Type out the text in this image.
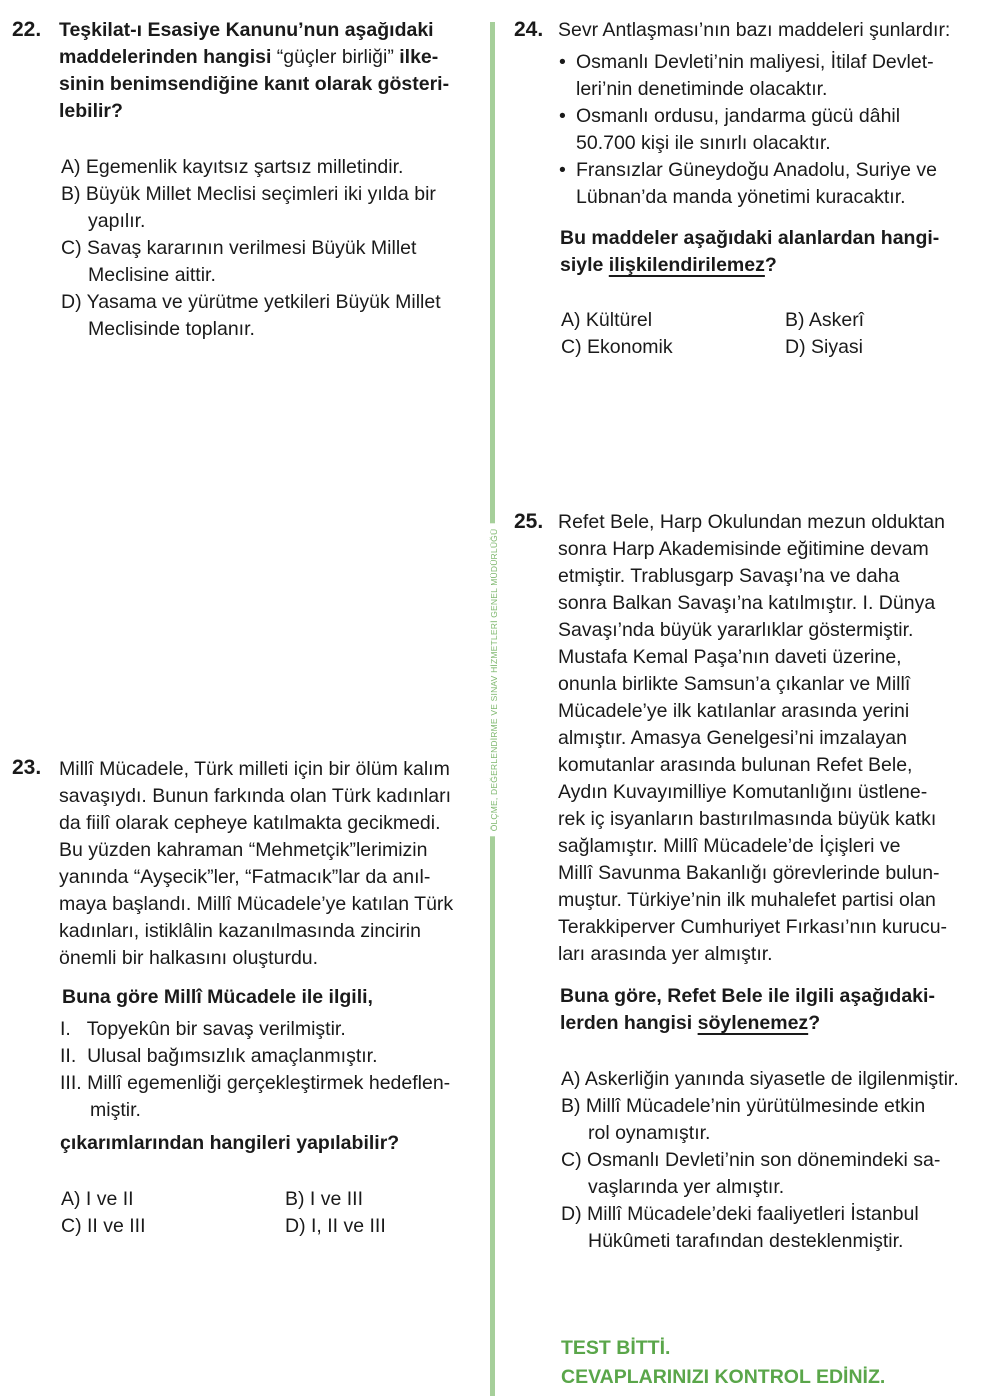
ÖLÇME, DEĞERLENDİRME VE SINAV HİZMETLERİ GENEL MÜDÜRLÜĞÜ
22. Teşkilat-ı Esasiye Kanunu’nun aşağıdaki
maddelerinden hangisi “güçler birliği” ilke-
sinin benimsendiğine kanıt olarak gösteri-
lebilir?
A) Egemenlik kayıtsız şartsız milletindir.
B) Büyük Millet Meclisi seçimleri iki yılda bir
yapılır.
C) Savaş kararının verilmesi Büyük Millet
Meclisine aittir.
D) Yasama ve yürütme yetkileri Büyük Millet
Meclisinde toplanır.
23. Millî Mücadele, Türk milleti için bir ölüm kalım
savaşıydı. Bunun farkında olan Türk kadınları
da fiilî olarak cepheye katılmakta gecikmedi.
Bu yüzden kahraman “Mehmetçik”lerimizin
yanında “Ayşecik”ler, “Fatmacık”lar da anıl-
maya başlandı. Millî Mücadele’ye katılan Türk
kadınları, istiklâlin kazanılmasında zincirin
önemli bir halkasını oluşturdu.
Buna göre Millî Mücadele ile ilgili,
I.   Topyekûn bir savaş verilmiştir.
II.  Ulusal bağımsızlık amaçlanmıştır.
III. Millî egemenliği gerçekleştirmek hedeflen-
miştir.
çıkarımlarından hangileri yapılabilir?
A) I ve II	B) I ve III
C) II ve III	D) I, II ve III
24. Sevr Antlaşması’nın bazı maddeleri şunlardır:
• Osmanlı Devleti’nin maliyesi, İtilaf Devlet-
leri’nin denetiminde olacaktır.
• Osmanlı ordusu, jandarma gücü dâhil
50.700 kişi ile sınırlı olacaktır.
• Fransızlar Güneydoğu Anadolu, Suriye ve
Lübnan’da manda yönetimi kuracaktır.
Bu maddeler aşağıdaki alanlardan hangi-
siyle ilişkilendirilemez?
A) Kültürel	B) Askerî
C) Ekonomik	D) Siyasi
25. Refet Bele, Harp Okulundan mezun olduktan
sonra Harp Akademisinde eğitimine devam
etmiştir. Trablusgarp Savaşı’na ve daha
sonra Balkan Savaşı’na katılmıştır. I. Dünya
Savaşı’nda büyük yararlıklar göstermiştir.
Mustafa Kemal Paşa’nın daveti üzerine,
onunla birlikte Samsun’a çıkanlar ve Millî
Mücadele’ye ilk katılanlar arasında yerini
almıştır. Amasya Genelgesi’ni imzalayan
komutanlar arasında bulunan Refet Bele,
Aydın Kuvayımilliye Komutanlığını üstlene-
rek iç isyanların bastırılmasında büyük katkı
sağlamıştır. Millî Mücadele’de İçişleri ve
Millî Savunma Bakanlığı görevlerinde bulun-
muştur. Türkiye’nin ilk muhalefet partisi olan
Terakkiperver Cumhuriyet Fırkası’nın kurucu-
ları arasında yer almıştır.
Buna göre, Refet Bele ile ilgili aşağıdaki-
lerden hangisi söylenemez?
A) Askerliğin yanında siyasetle de ilgilenmiştir.
B) Millî Mücadele’nin yürütülmesinde etkin
rol oynamıştır.
C) Osmanlı Devleti’nin son dönemindeki sa-
vaşlarında yer almıştır.
D) Millî Mücadele’deki faaliyetleri İstanbul
Hükûmeti tarafından desteklenmiştir.
TEST BİTTİ.
CEVAPLARINIZI KONTROL EDİNİZ.
